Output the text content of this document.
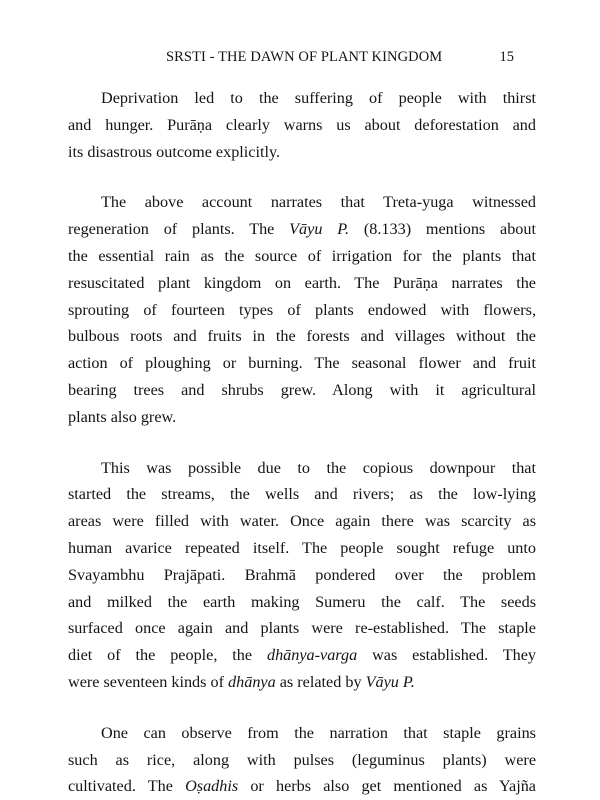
SRSTI - THE DAWN OF PLANT KINGDOM	15

Deprivation led to the suffering of people with thirst
and hunger. Purāṇa clearly warns us about deforestation and
its disastrous outcome explicitly.

The above account narrates that Treta-yuga witnessed
regeneration of plants. The Vāyu P. (8.133) mentions about
the essential rain as the source of irrigation for the plants that
resuscitated plant kingdom on earth. The Purāṇa narrates the
sprouting of fourteen types of plants endowed with flowers,
bulbous roots and fruits in the forests and villages without the
action of ploughing or burning. The seasonal flower and fruit
bearing trees and shrubs grew. Along with it agricultural
plants also grew.

This was possible due to the copious downpour that
started the streams, the wells and rivers; as the low-lying
areas were filled with water. Once again there was scarcity as
human avarice repeated itself. The people sought refuge unto
Svayambhu Prajāpati. Brahmā pondered over the problem
and milked the earth making Sumeru the calf. The seeds
surfaced once again and plants were re-established. The staple
diet of the people, the dhānya-varga was established. They
were seventeen kinds of dhānya as related by Vāyu P.

One can observe from the narration that staple grains
such as rice, along with pulses (leguminus plants) were
cultivated. The Oṣadhis or herbs also get mentioned as Yajña
